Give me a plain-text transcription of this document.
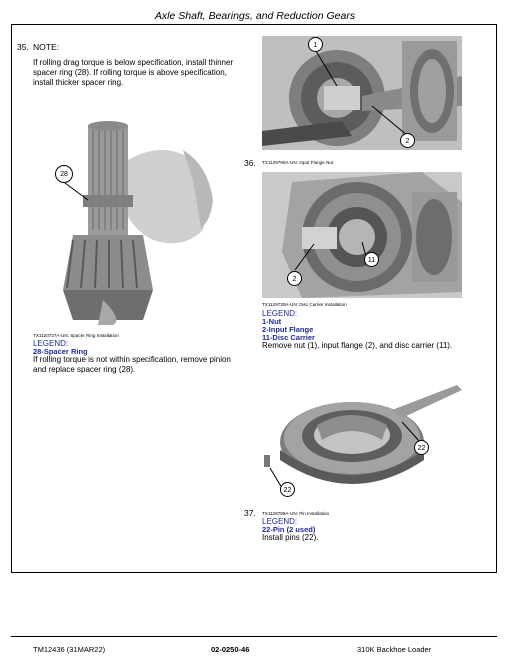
Axle Shaft, Bearings, and Reduction Gears
35. NOTE:
If rolling drag torque is below specification, install thinner spacer ring (28). If rolling torque is above specification, install thicker spacer ring.
28
TX1120727A-UN: Spacer Ring Installation
LEGEND:
28-Spacer Ring
If rolling torque is not within specification, remove pinion and replace spacer ring (28).
1
2
36. TX1129790A-UN: Input Flange Nut
2
11
TX1129730A-UN: Disc Carrier Installation
LEGEND:
1-Nut
2-Input Flange
11-Disc Carrier
Remove nut (1), input flange (2), and disc carrier (11).
22
22
37. TX1129799A-UN: Pin Installation
LEGEND:
22-Pin (2 used)
Install pins (22).
TM12436 (31MAR22)	02-0250-46	310K Backhoe Loader
